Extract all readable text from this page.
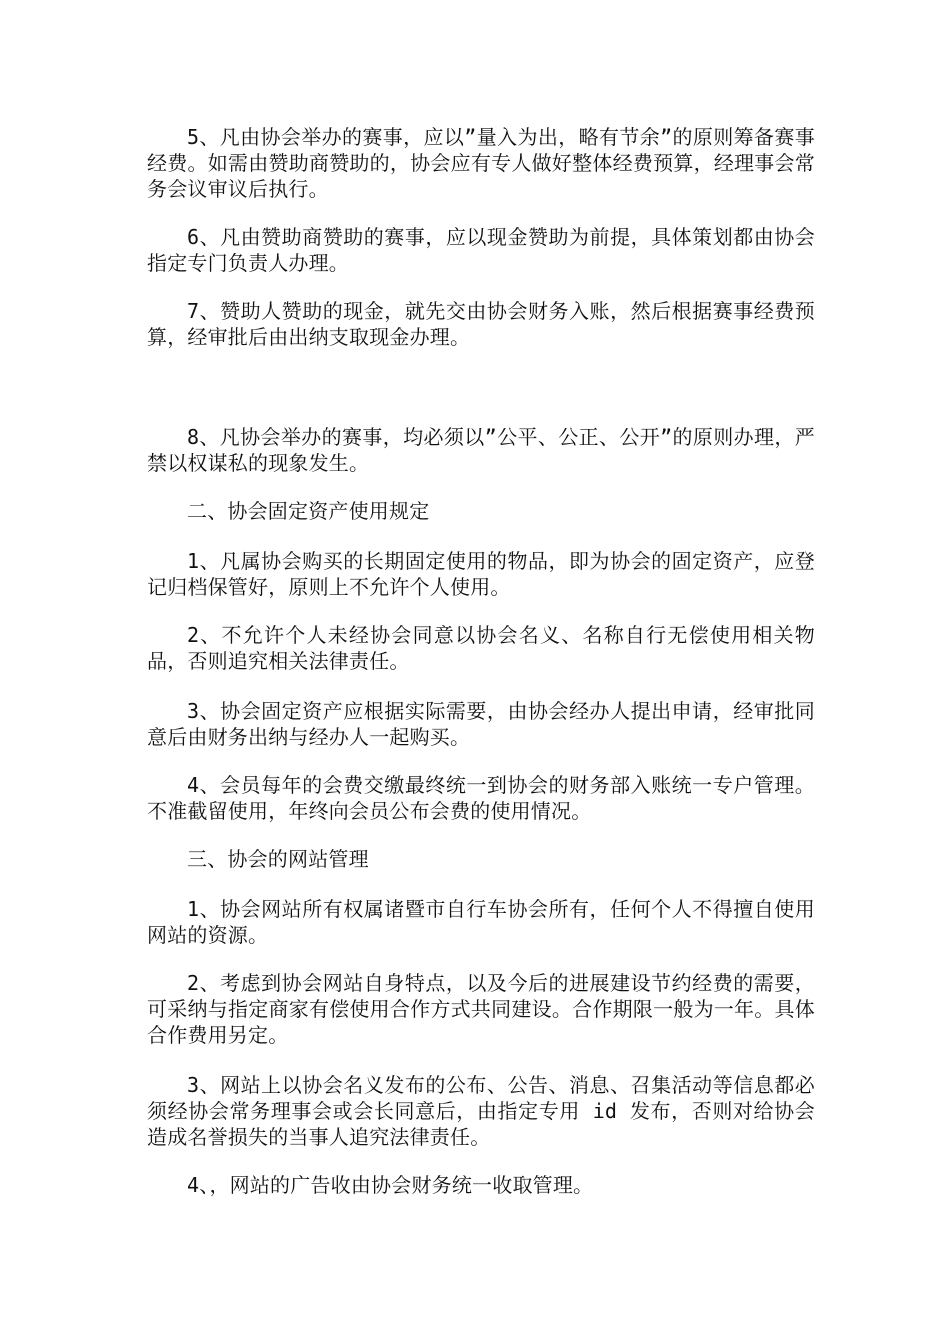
5、凡由协会举办的赛事，应以”量入为出，略有节余”的原则筹备赛事经费。如需由赞助商赞助的，协会应有专人做好整体经费预算，经理事会常务会议审议后执行。

6、凡由赞助商赞助的赛事，应以现金赞助为前提，具体策划都由协会指定专门负责人办理。

7、赞助人赞助的现金，就先交由协会财务入账，然后根据赛事经费预算，经审批后由出纳支取现金办理。

8、凡协会举办的赛事，均必须以”公平、公正、公开”的原则办理，严禁以权谋私的现象发生。

二、协会固定资产使用规定

1、凡属协会购买的长期固定使用的物品，即为协会的固定资产，应登记归档保管好，原则上不允许个人使用。

2、不允许个人未经协会同意以协会名义、名称自行无偿使用相关物品，否则追究相关法律责任。

3、协会固定资产应根据实际需要，由协会经办人提出申请，经审批同意后由财务出纳与经办人一起购买。

4、会员每年的会费交缴最终统一到协会的财务部入账统一专户管理。不准截留使用，年终向会员公布会费的使用情况。

三、协会的网站管理

1、协会网站所有权属诸暨市自行车协会所有，任何个人不得擅自使用网站的资源。

2、考虑到协会网站自身特点，以及今后的进展建设节约经费的需要，可采纳与指定商家有偿使用合作方式共同建设。合作期限一般为一年。具体合作费用另定。

3、网站上以协会名义发布的公布、公告、消息、召集活动等信息都必须经协会常务理事会或会长同意后，由指定专用 id 发布，否则对给协会造成名誉损失的当事人追究法律责任。

4、，网站的广告收由协会财务统一收取管理。
